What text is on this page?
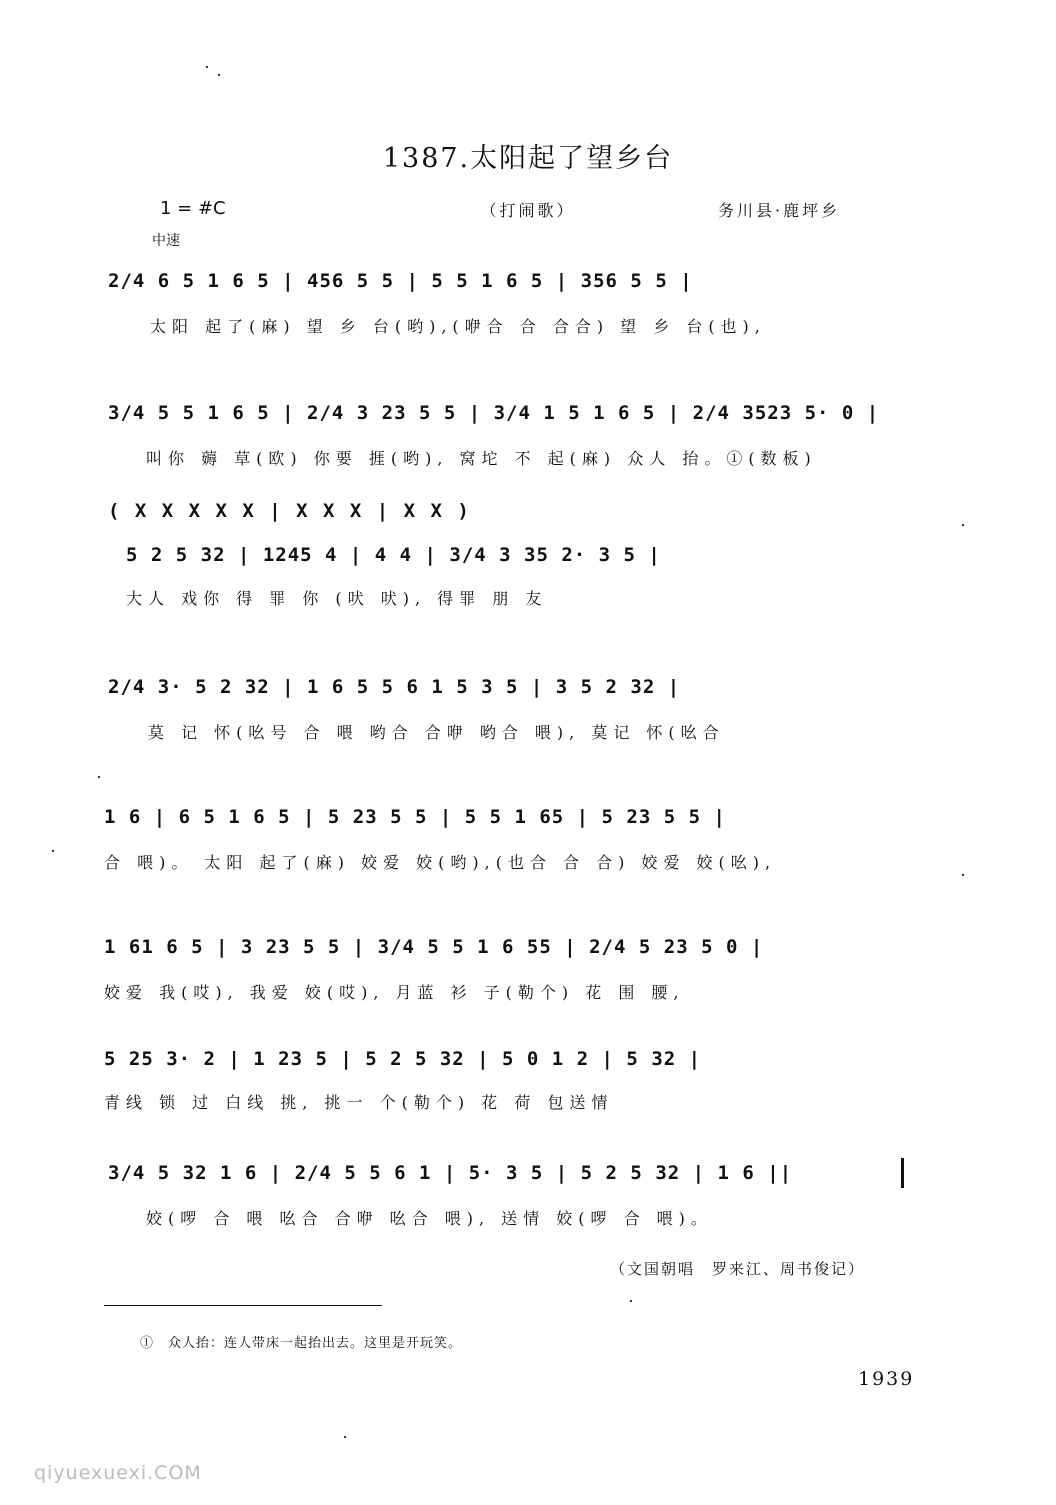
1387.太阳起了望乡台
1 = #C	（打闹歌）	务川县·鹿坪乡
中速
2/4 6 5 1 6 5 | 456 5 5 | 5 5 1 6 5 | 356 5 5 |
太阳 起了(麻) 望 乡 台(哟),(咿合 合 合合) 望 乡 台(也),
3/4 5 5 1 6 5 | 2/4 3 23 5 5 | 3/4 1 5 1 6 5 | 2/4 3523 5· 0 |
叫你 薅 草(欧) 你要 捱(哟), 窝坨 不 起(麻) 众人 抬。①(数板)
( X X X X X | X X X | X X )
5 2 5 32 | 1245 4 | 4 4 | 3/4 3 35 2· 3 5 |
大人 戏你 得 罪 你 (吠 吠), 得罪 朋 友
2/4 3· 5 2 32 | 1 6 5 5 6 1 5 3 5 | 3 5 2 32 |
莫 记 怀(吆号 合 喂 哟合 合咿 哟合 喂), 莫记 怀(吆合
1 6 | 6 5 1 6 5 | 5 23 5 5 | 5 5 1 65 | 5 23 5 5 |
合 喂)。 太阳 起了(麻) 姣爱 姣(哟),(也合 合 合) 姣爱 姣(吆),
1 61 6 5 | 3 23 5 5 | 3/4 5 5 1 6 55 | 2/4 5 23 5 0 |
姣爱 我(哎), 我爱 姣(哎), 月蓝 衫 子(勒个) 花 围 腰,
5 25 3· 2 | 1 23 5 | 5 2 5 32 | 5 0 1 2 | 5 32 |
青线 锁 过 白线 挑, 挑一 个(勒个) 花 荷 包送情
3/4 5 32 1 6 | 2/4 5 5 6 1 | 5· 3 5 | 5 2 5 32 | 1 6 ||
姣(啰 合 喂 吆合 合咿 吆合 喂), 送情 姣(啰 合 喂)。
（文国朝唱　罗来江、周书俊记）
①　众人抬：连人带床一起抬出去。这里是开玩笑。
1939
qiyuexuexi.COM
